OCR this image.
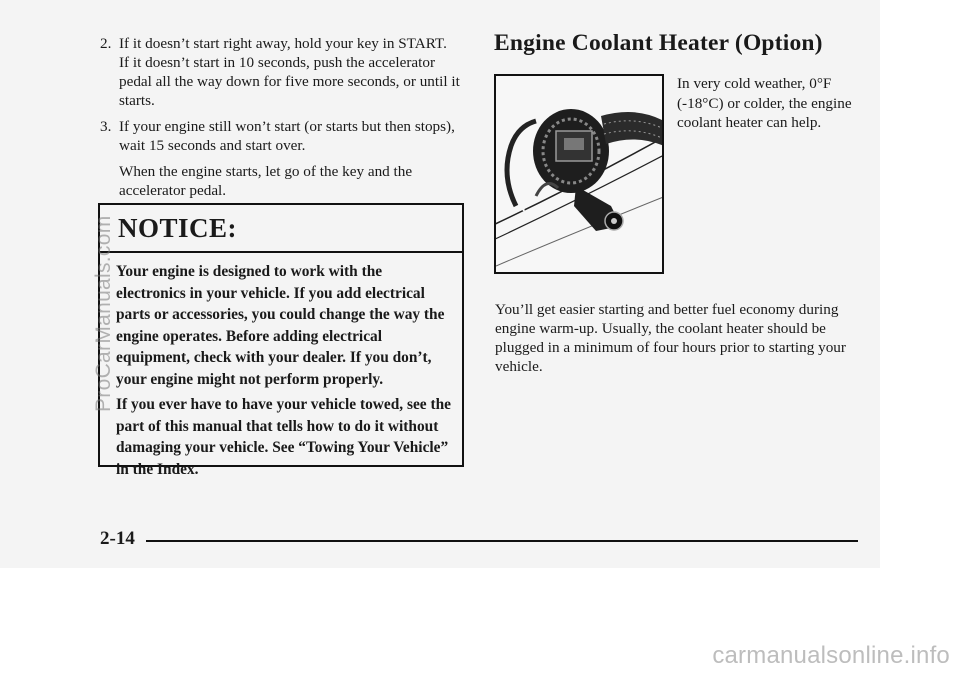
2. If it doesn’t start right away, hold your key in START. If it doesn’t start in 10 seconds, push the accelerator pedal all the way down for five more seconds, or until it starts.
3. If your engine still won’t start (or starts but then stops), wait 15 seconds and start over.
When the engine starts, let go of the key and the accelerator pedal.
NOTICE:

Your engine is designed to work with the electronics in your vehicle. If you add electrical parts or accessories, you could change the way the engine operates. Before adding electrical equipment, check with your dealer. If you don’t, your engine might not perform properly.

If you ever have to have your vehicle towed, see the part of this manual that tells how to do it without damaging your vehicle. See “Towing Your Vehicle” in the Index.

Engine Coolant Heater (Option)
In very cold weather, 0°F (-18°C) or colder, the engine coolant heater can help.
You’ll get easier starting and better fuel economy during engine warm-up. Usually, the coolant heater should be plugged in a minimum of four hours prior to starting your vehicle.
2-14
ProCarManuals.com
carmanualsonline.info
